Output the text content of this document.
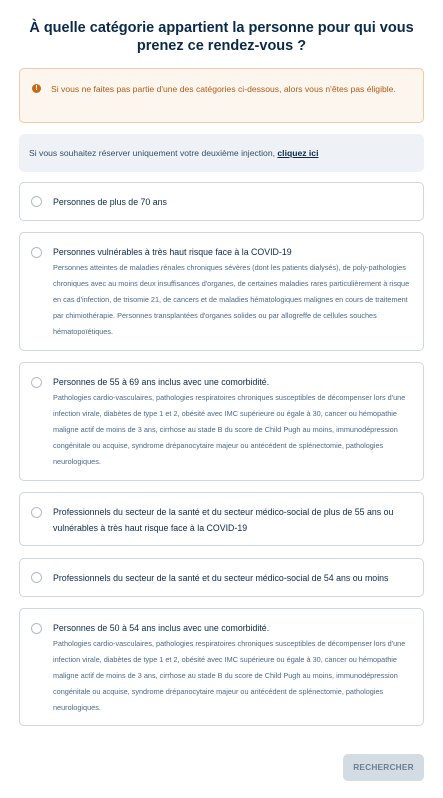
À quelle catégorie appartient la personne pour qui vous prenez ce rendez-vous ?
!	Si vous ne faites pas partie d'une des catégories ci-dessous, alors vous n'êtes pas éligible.
Si vous souhaitez réserver uniquement votre deuxième injection, cliquez ici
Personnes de plus de 70 ans
Personnes vulnérables à très haut risque face à la COVID-19
Personnes atteintes de maladies rénales chroniques sévères (dont les patients dialysés), de poly-pathologies chroniques avec au moins deux insuffisances d'organes, de certaines maladies rares particulièrement à risque en cas d'infection, de trisomie 21, de cancers et de maladies hématologiques malignes en cours de traitement par chimiothérapie. Personnes transplantées d'organes solides ou par allogreffe de cellules souches hématopoïétiques.
Personnes de 55 à 69 ans inclus avec une comorbidité.
Pathologies cardio-vasculaires, pathologies respiratoires chroniques susceptibles de décompenser lors d'une infection virale, diabètes de type 1 et 2, obésité avec IMC supérieure ou égale à 30, cancer ou hémopathie maligne actif de moins de 3 ans, cirrhose au stade B du score de Child Pugh au moins, immunodépression congénitale ou acquise, syndrome drépanocytaire majeur ou antécédent de splénectomie, pathologies neurologiques.
Professionnels du secteur de la santé et du secteur médico-social de plus de 55 ans ou vulnérables à très haut risque face à la COVID-19
Professionnels du secteur de la santé et du secteur médico-social de 54 ans ou moins
Personnes de 50 à 54 ans inclus avec une comorbidité.
Pathologies cardio-vasculaires, pathologies respiratoires chroniques susceptibles de décompenser lors d'une infection virale, diabètes de type 1 et 2, obésité avec IMC supérieure ou égale à 30, cancer ou hémopathie maligne actif de moins de 3 ans, cirrhose au stade B du score de Child Pugh au moins, immunodépression congénitale ou acquise, syndrome drépanocytaire majeur ou antécédent de splénectomie, pathologies neurologiques.
RECHERCHER
